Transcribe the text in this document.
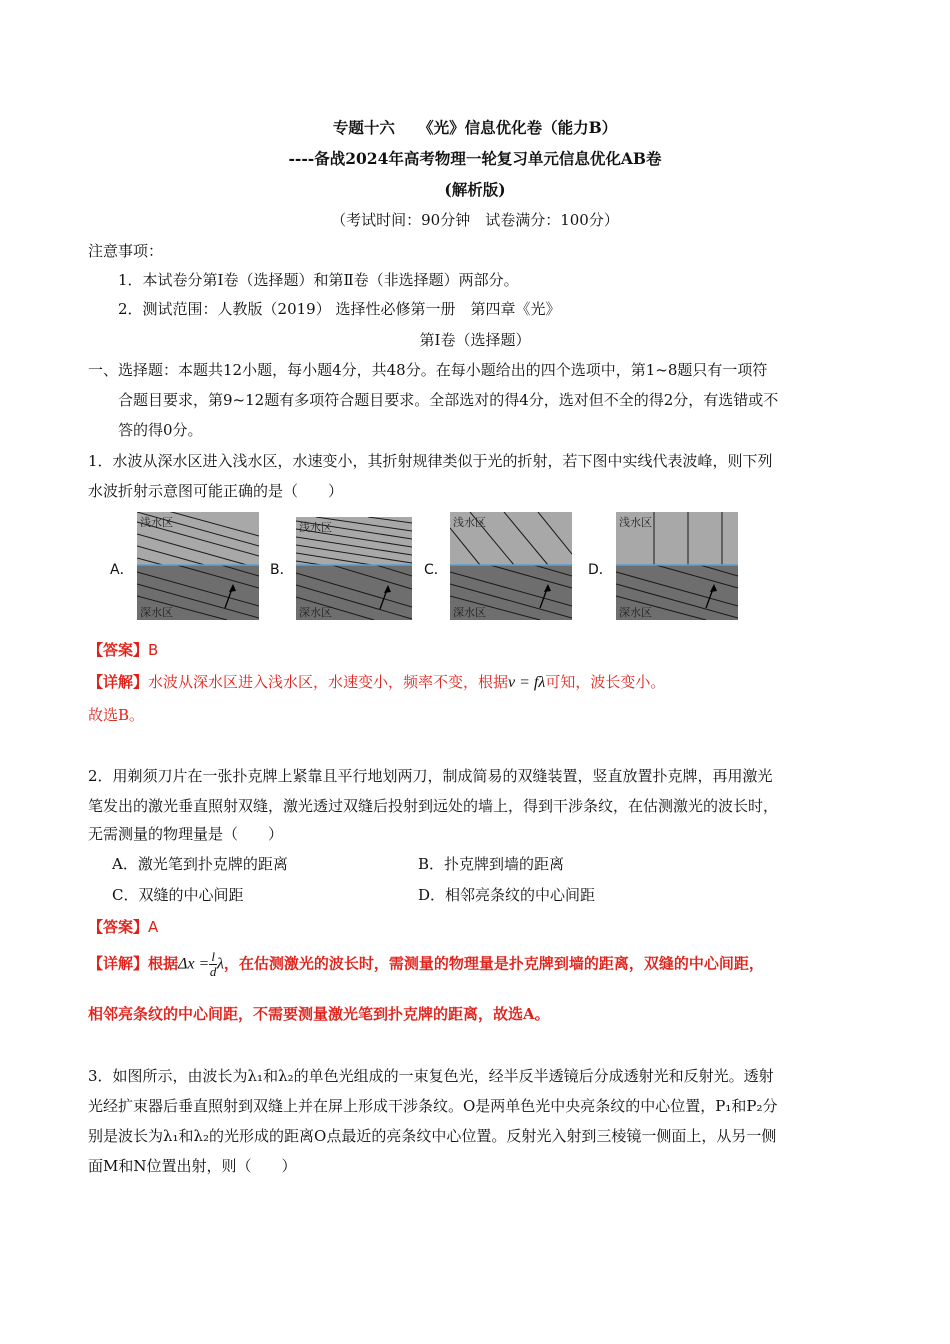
专题十六　　《光》信息优化卷（能力B）
----备战2024年高考物理一轮复习单元信息优化AB卷
(解析版)
（考试时间：90分钟　试卷满分：100分）
注意事项：
1．本试卷分第Ⅰ卷（选择题）和第Ⅱ卷（非选择题）两部分。
2．测试范围：人教版（2019） 选择性必修第一册　第四章《光》
第Ⅰ卷（选择题）
一、选择题：本题共12小题，每小题4分，共48分。在每小题给出的四个选项中，第1~8题只有一项符
合题目要求，第9~12题有多项符合题目要求。全部选对的得4分，选对但不全的得2分，有选错或不
答的得0分。
1．水波从深水区进入浅水区，水速变小，其折射规律类似于光的折射，若下图中实线代表波峰，则下列
水波折射示意图可能正确的是（　　）
A．	B．	C．	D．
浅水区
深水区
浅水区
深水区
浅水区
深水区
浅水区
深水区
【答案】B
【详解】水波从深水区进入浅水区，水速变小，频率不变，根据v = fλ可知，波长变小。
故选B。
2．用剃须刀片在一张扑克牌上紧靠且平行地划两刀，制成简易的双缝装置，竖直放置扑克牌，再用激光
笔发出的激光垂直照射双缝，激光透过双缝后投射到远处的墙上，得到干涉条纹，在估测激光的波长时，
无需测量的物理量是（　　）
A．激光笔到扑克牌的距离	B．扑克牌到墙的距离
C．双缝的中心间距	D．相邻亮条纹的中心间距
【答案】A
【详解】根据$\Delta x = \frac{l}{d}$ λ，在估测激光的波长时，需测量的物理量是扑克牌到墙的距离，双缝的中心间距，
相邻亮条纹的中心间距，不需要测量激光笔到扑克牌的距离，故选A。
3．如图所示，由波长为λ₁和λ₂的单色光组成的一束复色光，经半反半透镜后分成透射光和反射光。透射
光经扩束器后垂直照射到双缝上并在屏上形成干涉条纹。O是两单色光中央亮条纹的中心位置，P₁和P₂分
别是波长为λ₁和λ₂的光形成的距离O点最近的亮条纹中心位置。反射光入射到三棱镜一侧面上，从另一侧
面M和N位置出射，则（　　）
